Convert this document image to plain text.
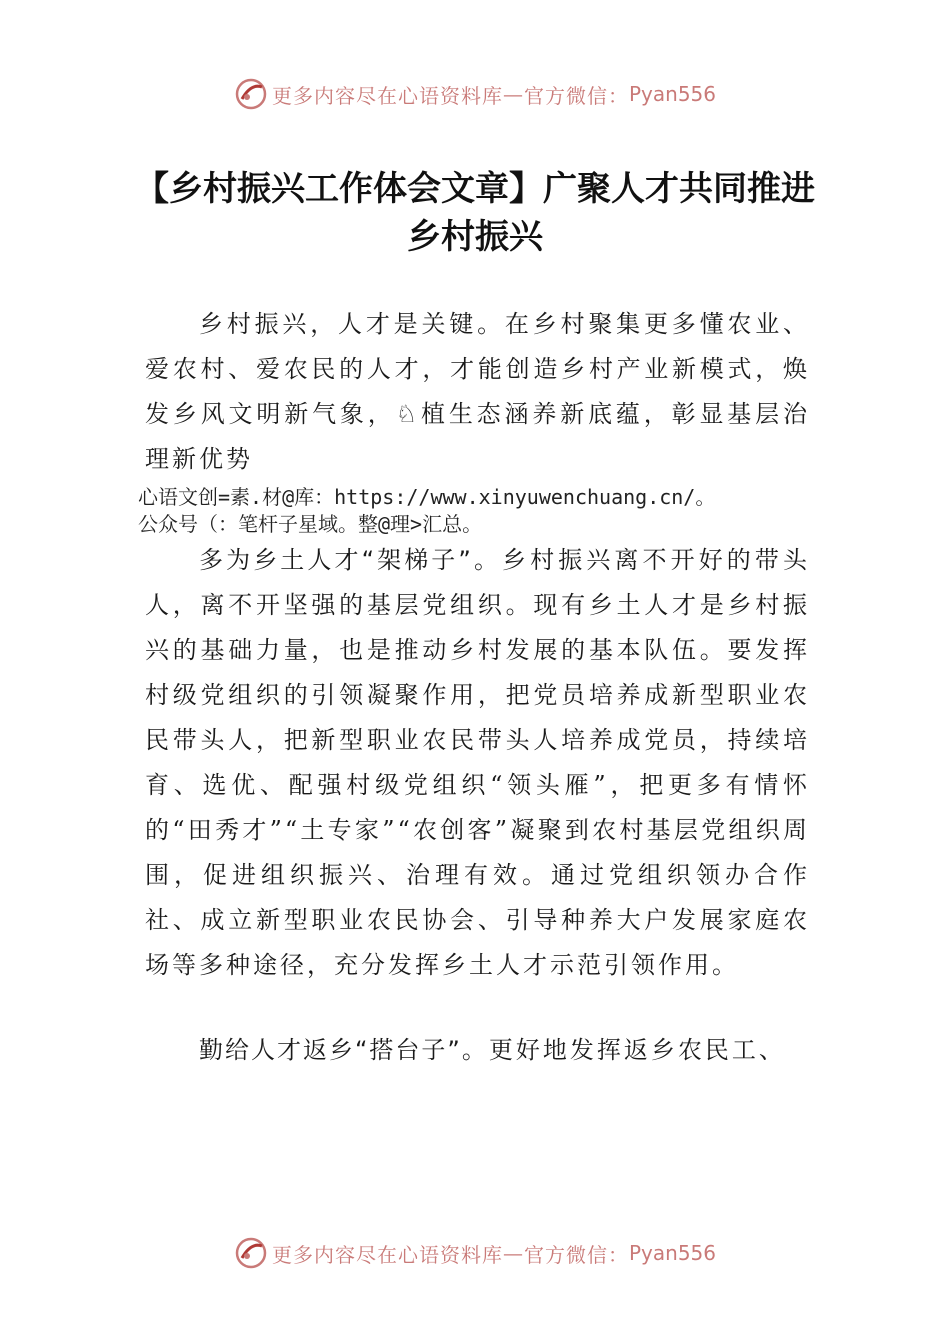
更多内容尽在心语资料库 — 官方微信： Pyan556
【乡村振兴工作体会文章】广聚人才共同推进乡村振兴
乡村振兴，人才是关键。在乡村聚集更多懂农业、爱农村、爱农民的人才，才能创造乡村产业新模式，焕发乡风文明新气象，♘植生态涵养新底蕴，彰显基层治理新优势
心语文创=素.材@库：https://www.xinyuwenchuang.cn/。
公众号（：笔杆子星域。整@理>汇总。
多为乡土人才“架梯子”。乡村振兴离不开好的带头人，离不开坚强的基层党组织。现有乡土人才是乡村振兴的基础力量，也是推动乡村发展的基本队伍。要发挥村级党组织的引领凝聚作用，把党员培养成新型职业农民带头人，把新型职业农民带头人培养成党员，持续培育、选优、配强村级党组织“领头雁”，把更多有情怀的“田秀才”“土专家”“农创客”凝聚到农村基层党组织周围，促进组织振兴、治理有效。通过党组织领办合作社、成立新型职业农民协会、引导种养大户发展家庭农场等多种途径，充分发挥乡土人才示范引领作用。
勤给人才返乡“搭台子”。更好地发挥返乡农民工、
更多内容尽在心语资料库 — 官方微信： Pyan556
